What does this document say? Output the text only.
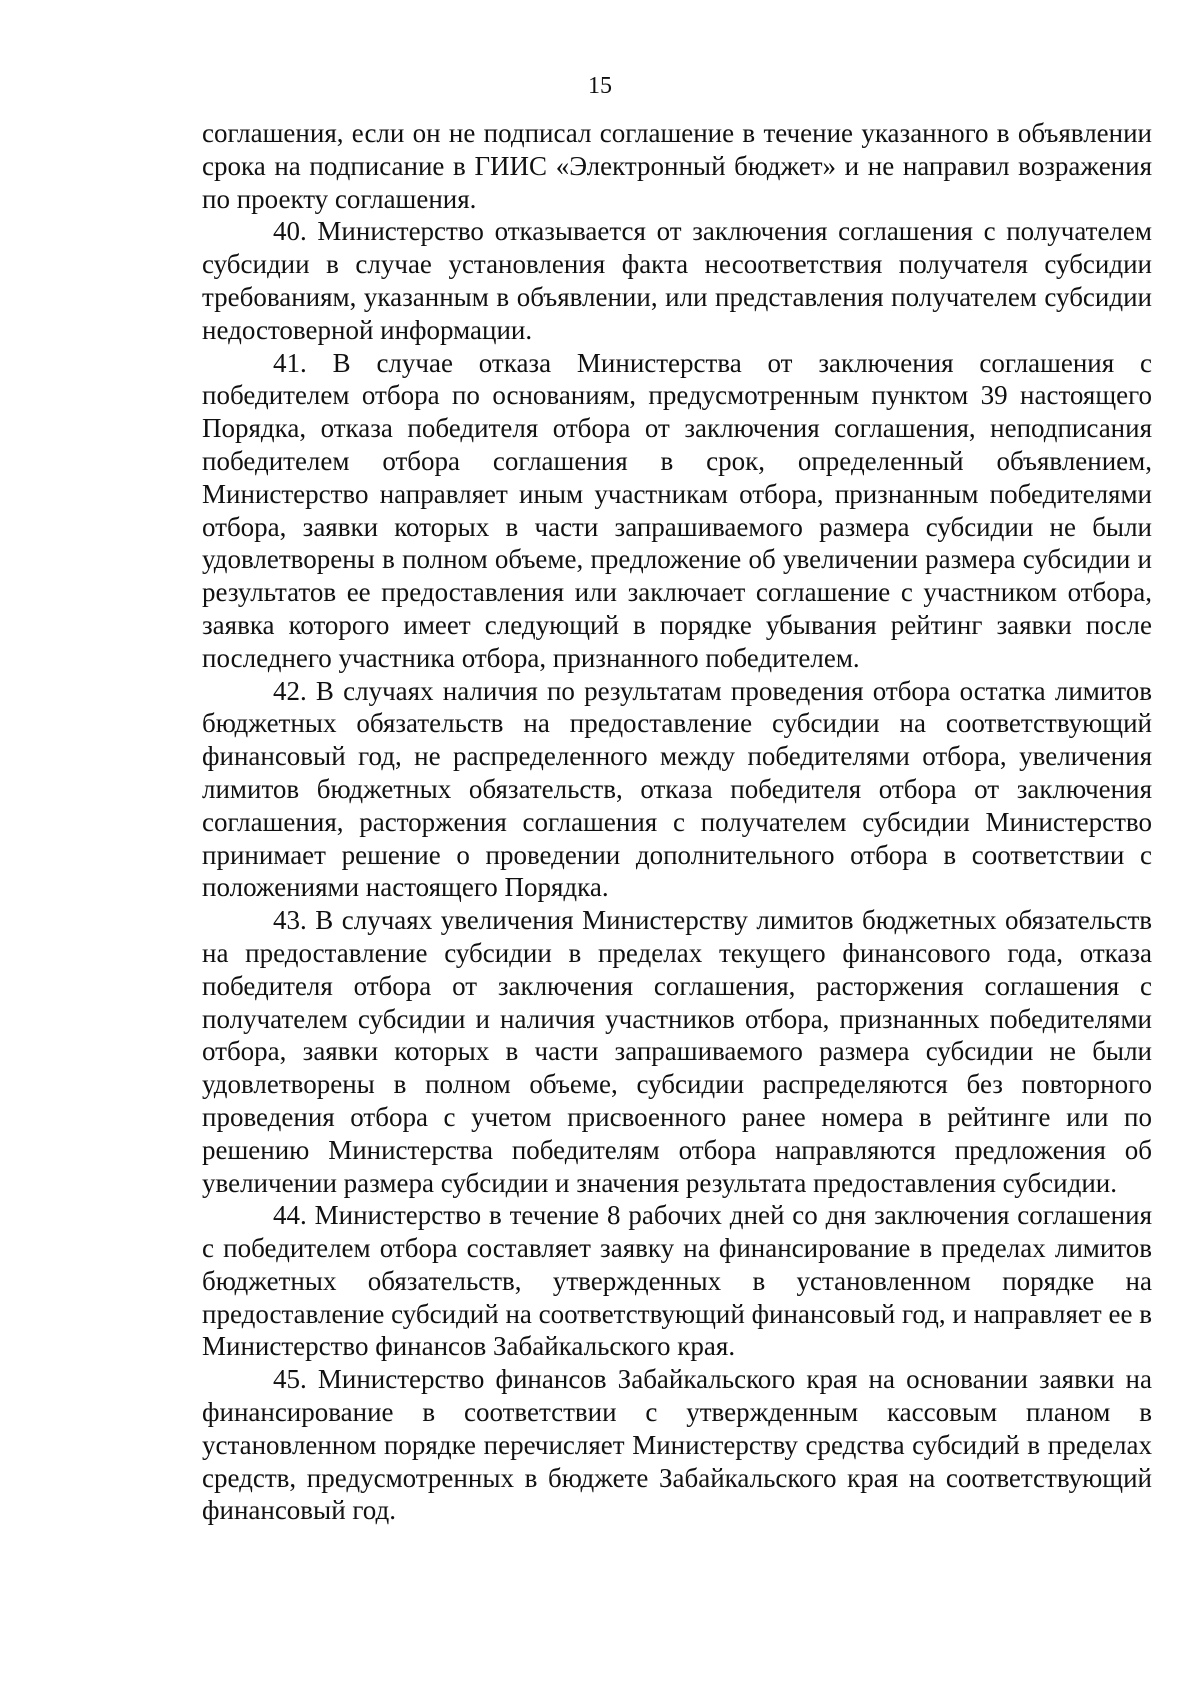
15

соглашения, если он не подписал соглашение в течение указанного в объявлении срока на подписание в ГИИС «Электронный бюджет» и не направил возражения по проекту соглашения.

40. Министерство отказывается от заключения соглашения с получателем субсидии в случае установления факта несоответствия получателя субсидии требованиям, указанным в объявлении, или представления получателем субсидии недостоверной информации.

41. В случае отказа Министерства от заключения соглашения с победителем отбора по основаниям, предусмотренным пунктом 39 настоящего Порядка, отказа победителя отбора от заключения соглашения, неподписания победителем отбора соглашения в срок, определенный объявлением, Министерство направляет иным участникам отбора, признанным победителями отбора, заявки которых в части запрашиваемого размера субсидии не были удовлетворены в полном объеме, предложение об увеличении размера субсидии и результатов ее предоставления или заключает соглашение с участником отбора, заявка которого имеет следующий в порядке убывания рейтинг заявки после последнего участника отбора, признанного победителем.

42. В случаях наличия по результатам проведения отбора остатка лимитов бюджетных обязательств на предоставление субсидии на соответствующий финансовый год, не распределенного между победителями отбора, увеличения лимитов бюджетных обязательств, отказа победителя отбора от заключения соглашения, расторжения соглашения с получателем субсидии Министерство принимает решение о проведении дополнительного отбора в соответствии с положениями настоящего Порядка.

43. В случаях увеличения Министерству лимитов бюджетных обязательств на предоставление субсидии в пределах текущего финансового года, отказа победителя отбора от заключения соглашения, расторжения соглашения с получателем субсидии и наличия участников отбора, признанных победителями отбора, заявки которых в части запрашиваемого размера субсидии не были удовлетворены в полном объеме, субсидии распределяются без повторного проведения отбора с учетом присвоенного ранее номера в рейтинге или по решению Министерства победителям отбора направляются предложения об увеличении размера субсидии и значения результата предоставления субсидии.

44. Министерство в течение 8 рабочих дней со дня заключения соглашения с победителем отбора составляет заявку на финансирование в пределах лимитов бюджетных обязательств, утвержденных в установленном порядке на предоставление субсидий на соответствующий финансовый год, и направляет ее в Министерство финансов Забайкальского края.

45. Министерство финансов Забайкальского края на основании заявки на финансирование в соответствии с утвержденным кассовым планом в установленном порядке перечисляет Министерству средства субсидий в пределах средств, предусмотренных в бюджете Забайкальского края на соответствующий финансовый год.
